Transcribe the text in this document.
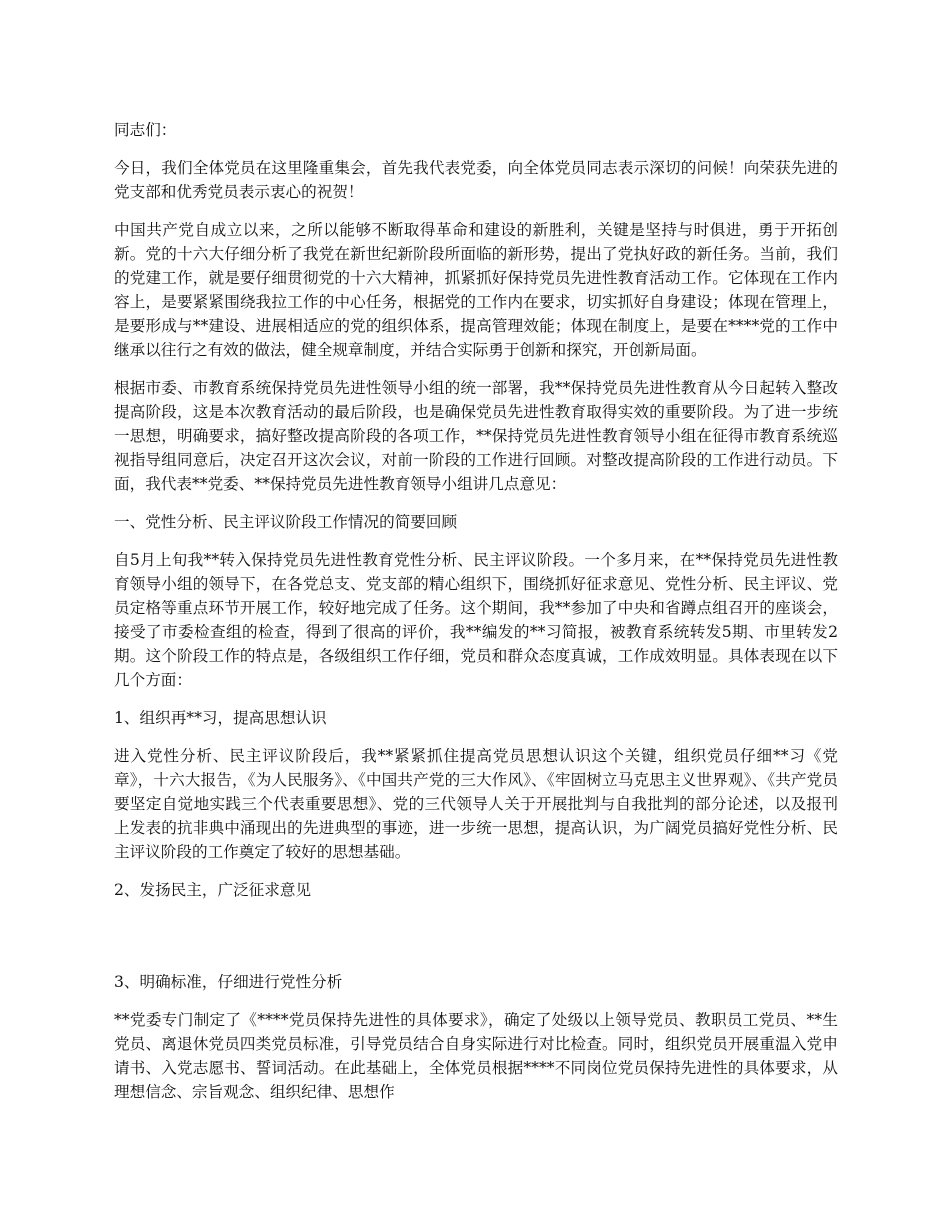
同志们：

今日，我们全体党员在这里隆重集会，首先我代表党委，向全体党员同志表示深切的问候！向荣获先进的党支部和优秀党员表示衷心的祝贺！

中国共产党自成立以来，之所以能够不断取得革命和建设的新胜利，关键是坚持与时俱进，勇于开拓创新。党的十六大仔细分析了我党在新世纪新阶段所面临的新形势，提出了党执好政的新任务。当前，我们的党建工作，就是要仔细贯彻党的十六大精神，抓紧抓好保持党员先进性教育活动工作。它体现在工作内容上，是要紧紧围绕我拉工作的中心任务，根据党的工作内在要求，切实抓好自身建设；体现在管理上，是要形成与**建设、进展相适应的党的组织体系，提高管理效能；体现在制度上，是要在****党的工作中继承以往行之有效的做法，健全规章制度，并结合实际勇于创新和探究，开创新局面。

根据市委、市教育系统保持党员先进性领导小组的统一部署，我**保持党员先进性教育从今日起转入整改提高阶段，这是本次教育活动的最后阶段，也是确保党员先进性教育取得实效的重要阶段。为了进一步统一思想，明确要求，搞好整改提高阶段的各项工作，**保持党员先进性教育领导小组在征得市教育系统巡视指导组同意后，决定召开这次会议，对前一阶段的工作进行回顾。对整改提高阶段的工作进行动员。下面，我代表**党委、**保持党员先进性教育领导小组讲几点意见：

一、党性分析、民主评议阶段工作情况的简要回顾

自5月上旬我**转入保持党员先进性教育党性分析、民主评议阶段。一个多月来，在**保持党员先进性教育领导小组的领导下，在各党总支、党支部的精心组织下，围绕抓好征求意见、党性分析、民主评议、党员定格等重点环节开展工作，较好地完成了任务。这个期间，我**参加了中央和省蹲点组召开的座谈会，接受了市委检查组的检查，得到了很高的评价，我**编发的**习简报，被教育系统转发5期、市里转发2期。这个阶段工作的特点是，各级组织工作仔细，党员和群众态度真诚，工作成效明显。具体表现在以下几个方面：

1、组织再**习，提高思想认识

进入党性分析、民主评议阶段后，我**紧紧抓住提高党员思想认识这个关键，组织党员仔细**习《党章》，十六大报告，《为人民服务》、《中国共产党的三大作风》、《牢固树立马克思主义世界观》、《共产党员要坚定自觉地实践三个代表重要思想》、党的三代领导人关于开展批判与自我批判的部分论述，以及报刊上发表的抗非典中涌现出的先进典型的事迹，进一步统一思想，提高认识，为广阔党员搞好党性分析、民主评议阶段的工作奠定了较好的思想基础。

2、发扬民主，广泛征求意见

3、明确标准，仔细进行党性分析

**党委专门制定了《****党员保持先进性的具体要求》，确定了处级以上领导党员、教职员工党员、**生党员、离退休党员四类党员标准，引导党员结合自身实际进行对比检查。同时，组织党员开展重温入党申请书、入党志愿书、誓词活动。在此基础上，全体党员根据****不同岗位党员保持先进性的具体要求，从理想信念、宗旨观念、组织纪律、思想作
